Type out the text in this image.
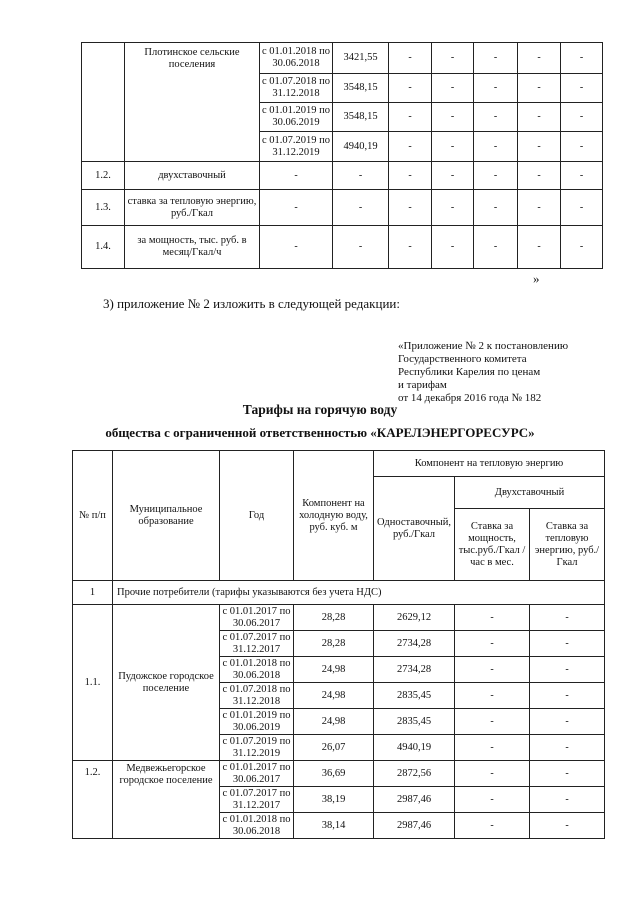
	Плотинское сельские поселения	с 01.01.2018 по 30.06.2018	3421,55	-	-	-	-	-
		с 01.07.2018 по 31.12.2018	3548,15	-	-	-	-	-
		с 01.01.2019 по 30.06.2019	3548,15	-	-	-	-	-
		с 01.07.2019 по 31.12.2019	4940,19	-	-	-	-	-
1.2.	двухставочный	-	-	-	-	-	-	-
1.3.	ставка за тепловую энергию, руб./Гкал	-	-	-	-	-	-	-
1.4.	за мощность, тыс. руб. в месяц/Гкал/ч	-	-	-	-	-	-	-
»
3) приложение № 2 изложить в следующей редакции:
«Приложение № 2 к постановлению
Государственного комитета
Республики Карелия по ценам
и тарифам
от 14 декабря 2016 года № 182
Тарифы на горячую воду
общества с ограниченной ответственностью «КАРЕЛЭНЕРГОРЕСУРС»
№ п/п	Муниципальное образование	Год	Компонент на холодную воду, руб. куб. м	Компонент на тепловую энергию		
				Одноставочный, руб./Гкал	Двухставочный	
					Ставка за мощность, тыс.руб./Гкал / час в мес.	Ставка за тепловую энергию, руб./Гкал
1	Прочие потребители (тарифы указываются без учета НДС)					
1.1.	Пудожское городское поселение	с 01.01.2017 по 30.06.2017	28,28	2629,12	-	-
		с 01.07.2017 по 31.12.2017	28,28	2734,28	-	-
		с 01.01.2018 по 30.06.2018	24,98	2734,28	-	-
		с 01.07.2018 по 31.12.2018	24,98	2835,45	-	-
		с 01.01.2019 по 30.06.2019	24,98	2835,45	-	-
		с 01.07.2019 по 31.12.2019	26,07	4940,19	-	-
1.2.	Медвежьегорское городское поселение	с 01.01.2017 по 30.06.2017	36,69	2872,56	-	-
		с 01.07.2017 по 31.12.2017	38,19	2987,46	-	-
		с 01.01.2018 по 30.06.2018	38,14	2987,46	-	-
